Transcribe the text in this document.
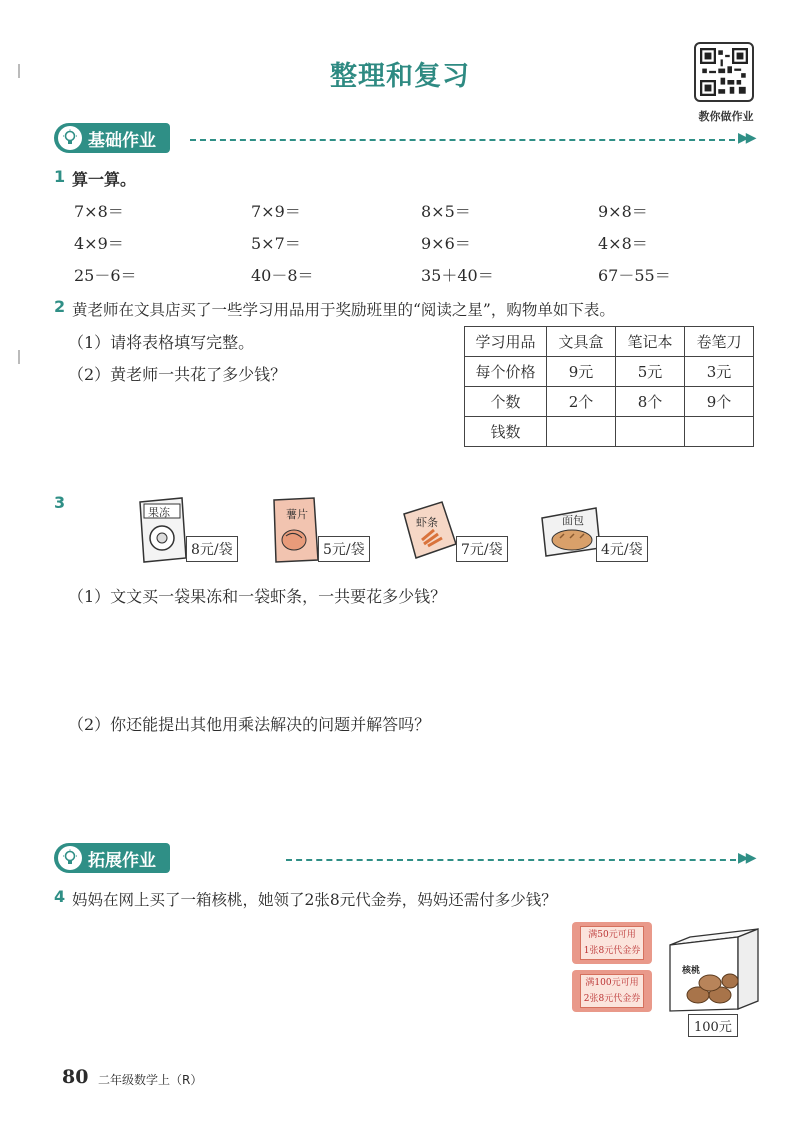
整理和复习
教你做作业
基础作业	▶▶
1 算一算。
7×8＝	7×9＝	8×5＝	9×8＝
4×9＝	5×7＝	9×6＝	4×8＝
25－6＝	40－8＝	35＋40＝	67－55＝
2 黄老师在文具店买了一些学习用品用于奖励班里的“阅读之星”，购物单如下表。
（1）请将表格填写完整。
（2）黄老师一共花了多少钱？
学习用品	文具盒	笔记本	卷笔刀
每个价格	9元	5元	3元
个数	2个	8个	9个
钱数			
3
果冻
8元/袋
薯片
5元/袋
虾条
7元/袋
面包
4元/袋
（1）文文买一袋果冻和一袋虾条，一共要花多少钱？
（2）你还能提出其他用乘法解决的问题并解答吗？
拓展作业	▶▶
4 妈妈在网上买了一箱核桃，她领了2张8元代金券，妈妈还需付多少钱？
满50元可用
1张8元代金券
满100元可用
2张8元代金券
核桃
100元
80 二年级数学上（R）
